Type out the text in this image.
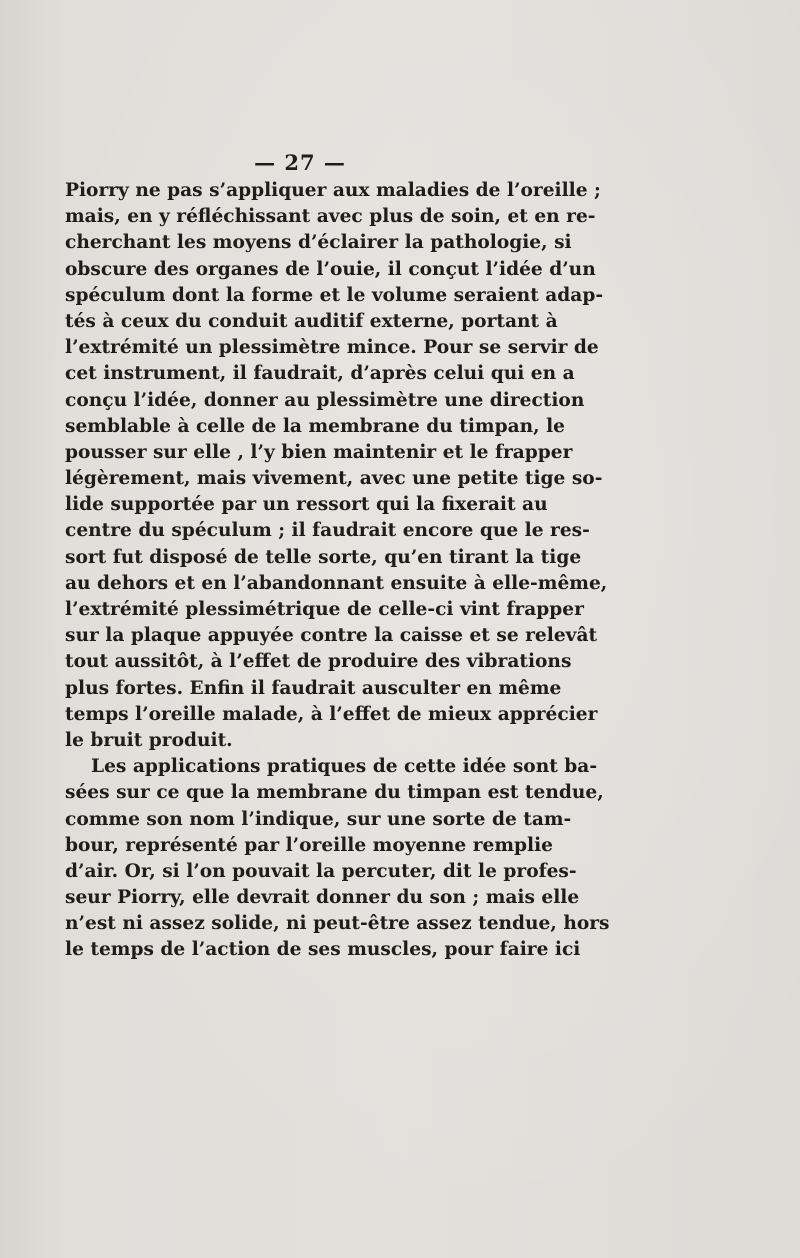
— 27 —
Piorry ne pas s’appliquer aux maladies de l’oreille ;
mais, en y réfléchissant avec plus de soin, et en re-
cherchant les moyens d’éclairer la pathologie, si
obscure des organes de l’ouie, il conçut l’idée d’un
spéculum dont la forme et le volume seraient adap-
tés à ceux du conduit auditif externe, portant à
l’extrémité un plessimètre mince. Pour se servir de
cet instrument, il faudrait, d’après celui qui en a
conçu l’idée, donner au plessimètre une direction
semblable à celle de la membrane du timpan, le
pousser sur elle , l’y bien maintenir et le frapper
légèrement, mais vivement, avec une petite tige so-
lide supportée par un ressort qui la fixerait au
centre du spéculum ; il faudrait encore que le res-
sort fut disposé de telle sorte, qu’en tirant la tige
au dehors et en l’abandonnant ensuite à elle-même,
l’extrémité plessimétrique de celle-ci vint frapper
sur la plaque appuyée contre la caisse et se relevât
tout aussitôt, à l’effet de produire des vibrations
plus fortes. Enfin il faudrait ausculter en même
temps l’oreille malade, à l’effet de mieux apprécier
le bruit produit.
Les applications pratiques de cette idée sont ba-
sées sur ce que la membrane du timpan est tendue,
comme son nom l’indique, sur une sorte de tam-
bour, représenté par l’oreille moyenne remplie
d’air. Or, si l’on pouvait la percuter, dit le profes-
seur Piorry, elle devrait donner du son ; mais elle
n’est ni assez solide, ni peut-être assez tendue, hors
le temps de l’action de ses muscles, pour faire ici
